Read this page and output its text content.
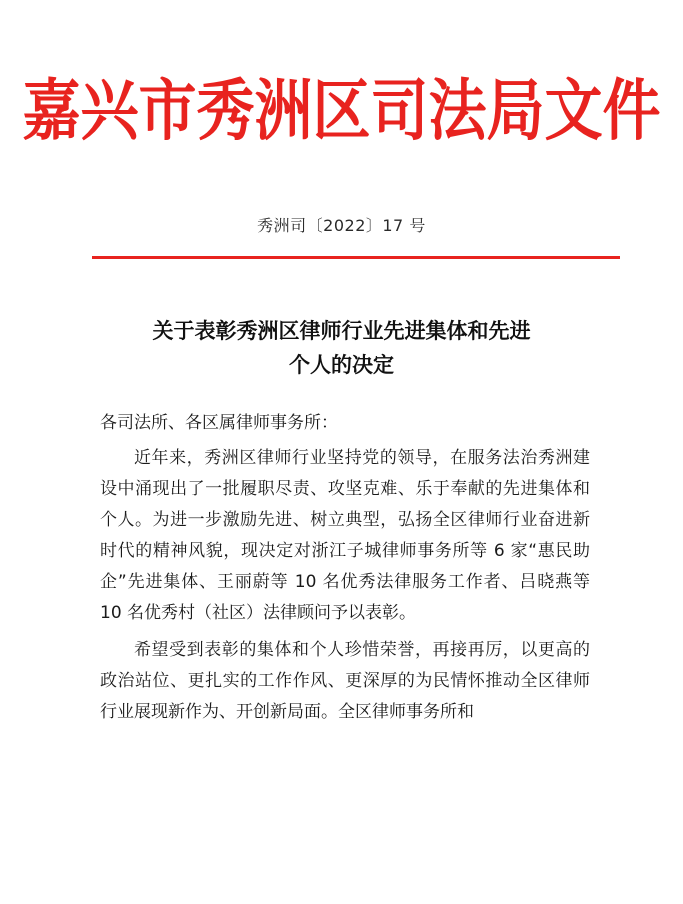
嘉兴市秀洲区司法局文件
秀洲司〔2022〕17 号
关于表彰秀洲区律师行业先进集体和先进
个人的决定

各司法所、各区属律师事务所：

近年来，秀洲区律师行业坚持党的领导，在服务法治秀洲建设中涌现出了一批履职尽责、攻坚克难、乐于奉献的先进集体和个人。为进一步激励先进、树立典型，弘扬全区律师行业奋进新时代的精神风貌，现决定对浙江子城律师事务所等 6 家“惠民助企”先进集体、王丽蔚等 10 名优秀法律服务工作者、吕晓燕等 10 名优秀村（社区）法律顾问予以表彰。

希望受到表彰的集体和个人珍惜荣誉，再接再厉，以更高的政治站位、更扎实的工作作风、更深厚的为民情怀推动全区律师行业展现新作为、开创新局面。全区律师事务所和
